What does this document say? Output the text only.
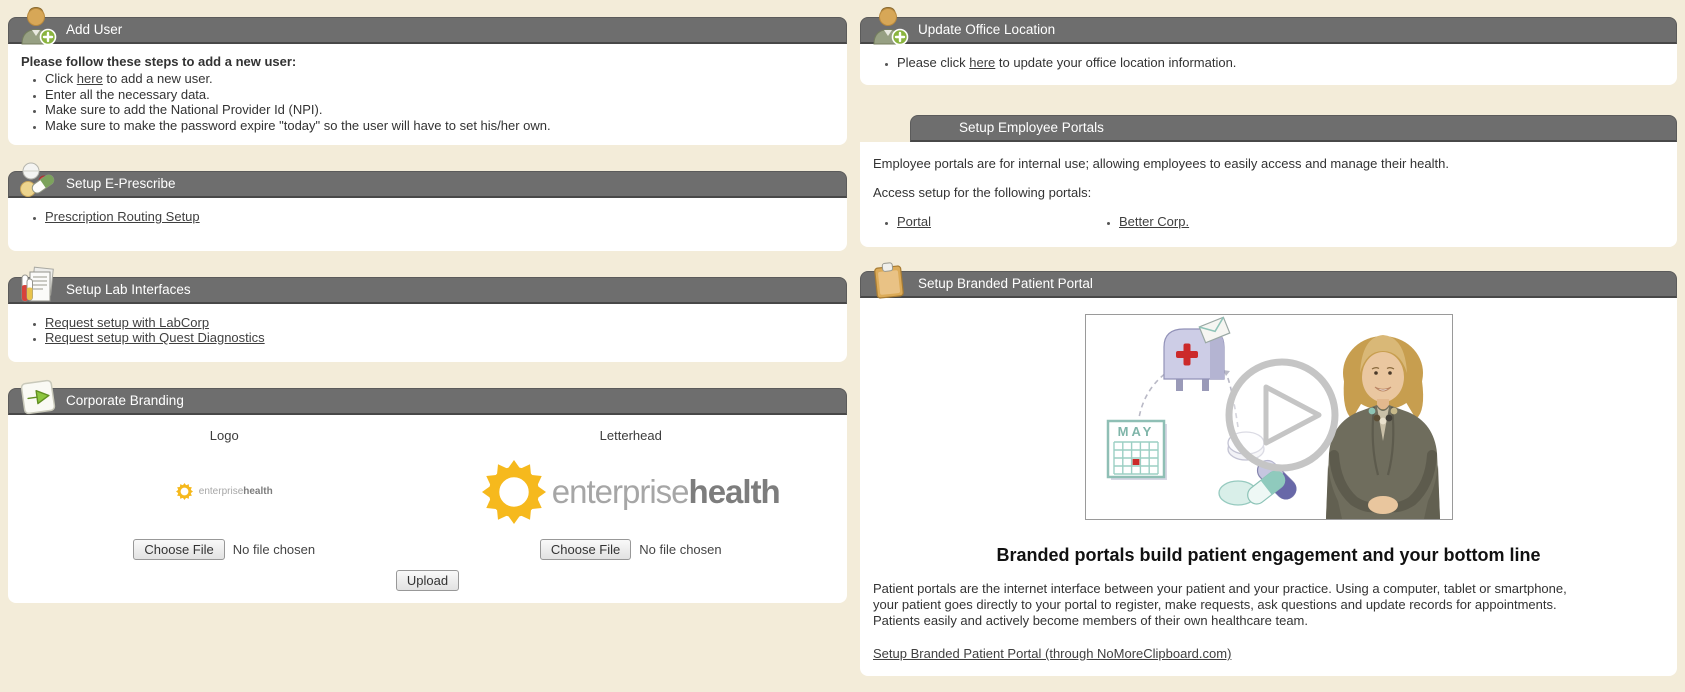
Add User
Please follow these steps to add a new user:
• Click here to add a new user.
• Enter all the necessary data.
• Make sure to add the National Provider Id (NPI).
• Make sure to make the password expire "today" so the user will have to set his/her own.
Setup E-Prescribe
• Prescription Routing Setup
Setup Lab Interfaces
• Request setup with LabCorp
• Request setup with Quest Diagnostics
Corporate Branding
Logo
enterprisehealth
Choose File	No file chosen
Letterhead
enterprisehealth
Choose File	No file chosen
Upload
Update Office Location
• Please click here to update your office location information.
Setup Employee Portals
Employee portals are for internal use; allowing employees to easily access and manage their health.
Access setup for the following portals:
• Portal	• Better Corp.
Setup Branded Patient Portal
MAY
Branded portals build patient engagement and your bottom line
Patient portals are the internet interface between your patient and your practice. Using a computer, tablet or smartphone,
your patient goes directly to your portal to register, make requests, ask questions and update records for appointments.
Patients easily and actively become members of their own healthcare team.
Setup Branded Patient Portal (through NoMoreClipboard.com)
